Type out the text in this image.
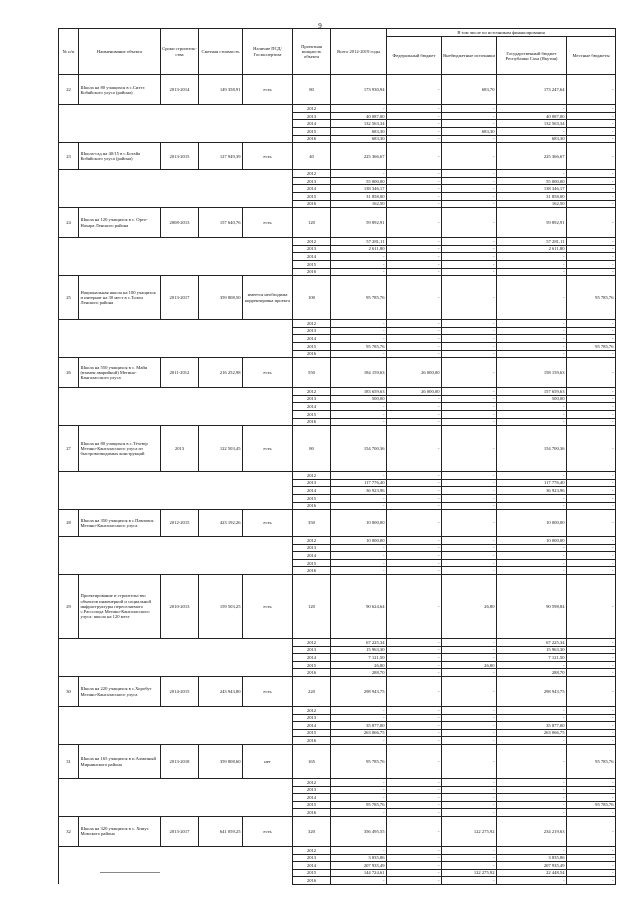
9
№ п/п	Наименование объекта	Сроки строитель-ства	Сметная стоимость	Наличие ПСД/ Госэкспертиза	Проектная мощность объекта	Всего 2012-2019 годы	В том числе по источникам финансирования			
							Федеральный бюджет	Внебюджетные источники	Государственный бюджет Республики Саха (Якутия)	Местные бюджеты
22	Школа на 80 учащихся в с.Сиэтэ Кобяйского улуса (района)	2013-2014	149 358,91	есть	80	173 930,94	-	683,70	173 247,64	-
					2012	-	-	-	-	-
					2013	40 087,00	-	-	40 087,00	-
					2014	132 563,34	-	-	132 563,34	-
					2015	683,30	-	683,30	-	-
					2016	683,30	-	-	683,30	-
23	Школа-сад на 40/15 в с.Ботайа Кобяйского улуса (района)	2013-2015	127 949,39	есть	40	225 366,67	-	-	225 366,67	-
					2012	-	-	-	-	-
					2013	55 000,00	-	-	55 000,00	-
					2014	138 346,17	-	-	138 346,17	-
					2015	31 858,00	-	-	31 858,00	-
					2016	162,50	-	-	162,50	-
24	Школа на 120 учащихся в с. Орто-Нахара Ленского района	2008-2013	157 640,76	есть	120	59 892,91	-	-	59 892,91	-
					2012	57 281,11	-	-	57 281,11	-
					2013	2 611,80	-	-	2 611,80	-
					2014	-	-	-	-	-
					2015	-	-	-	-	-
					2016	-	-	-	-	-
25	Национальная школа на 100 учащихся и интернат на 30 мест в с.Толон Ленского района	2013-2017	359 808,50	имеется необходима корректировка проекта	100	95 785,76	-	-	-	95 785,76
					2012	-	-	-	-	-
					2013	-	-	-	-	-
					2014	-	-	-	-	-
					2015	95 785,76	-	-	-	95 785,76
					2016	-	-	-	-	-
26	Школа на 550 учащихся в с. Майя (взамен аварийной) Мегино-Кангаласского улуса	2011-2012	216 252,98	есть	550	184 159,63	26 000,00	-	158 159,63	-
					2012	183 659,63	26 000,00	-	157 659,63	-
					2013	500,00	-	-	500,00	-
					2014	-	-	-	-	-
					2015	-	-	-	-	-
					2016	-	-	-	-	-
27	Школа на 80 учащихся в с.Тёхтюр Мегино-Кангаласского улуса из быстровозводимых конструкций	2013	122 503,45	есть	80	154 700,36	-	-	154 700,36	-
					2012	-	-	-	-	-
					2013	117 776,40	-	-	117 776,40	-
					2014	36 923,96	-	-	36 923,96	-
					2015	-	-	-	-	-
					2016	-	-	-	-	-
28	Школа на 350 учащихся в с.Павловск Мегино-Кангаласского улуса	2012-2015	423 192,26	есть	350	10 000,00	-	-	10 000,00	-
					2012	10 000,00	-	-	10 000,00	-
					2013	-	-	-	-	-
					2014	-	-	-	-	-
					2015	-	-	-	-	-
					2016	-	-	-	-	-
29	Проектирование и строительство объектов инженерной и социальной инфраструктуры переселяемого с.Рассолода Мегино-Кангаласского улуса: школа на 120 мест	2010-2013	159 503,25	есть	120	90 624,64	-	26,80	90 598,84	-
					2012	67 225,34	-	-	67 225,34	-
					2013	15 963,30	-	-	15 963,30	-
					2014	7 121,50	-	-	7 121,50	-
					2015	26,80	-	26,80	-	-
					2016	288,70	-	-	288,70	-
30	Школа на 220 учащихся в с.Хоробут Мегино-Кангаласского улуса	2014-2015	243 943,80	есть	220	298 943,75	-	-	298 943,75	-
					2012	-	-	-	-	-
					2013	-	-	-	-	-
					2014	35 877,00	-	-	35 877,00	-
					2015	263 066,75	-	-	263 066,75	-
					2016	-	-	-	-	-
31	Школа на 165 учащихся в п.Алмазный Мирнинского района	2013-2018	359 808,60	нет	165	95 785,76	-	-	-	95 785,76
					2012	-	-	-	-	-
					2013	-	-	-	-	-
					2014	-	-	-	-	-
					2015	95 785,76	-	-	-	95 785,76
					2016	-	-	-	-	-
32	Школа на 320 учащихся в с. Хомус Момского района	2013-2017	641 059,25	есть	320	356 495,55	-	122 275,92	234 219,63	-
					2012	-	-	-	-	-
					2013	3 835,86	-	-	3 835,86	-
					2014	207 935,49	-	-	207 935,49	-
					2015	144 724,61	-	122 275,92	22 448,54	-
					2016	-	-	-	-	-
